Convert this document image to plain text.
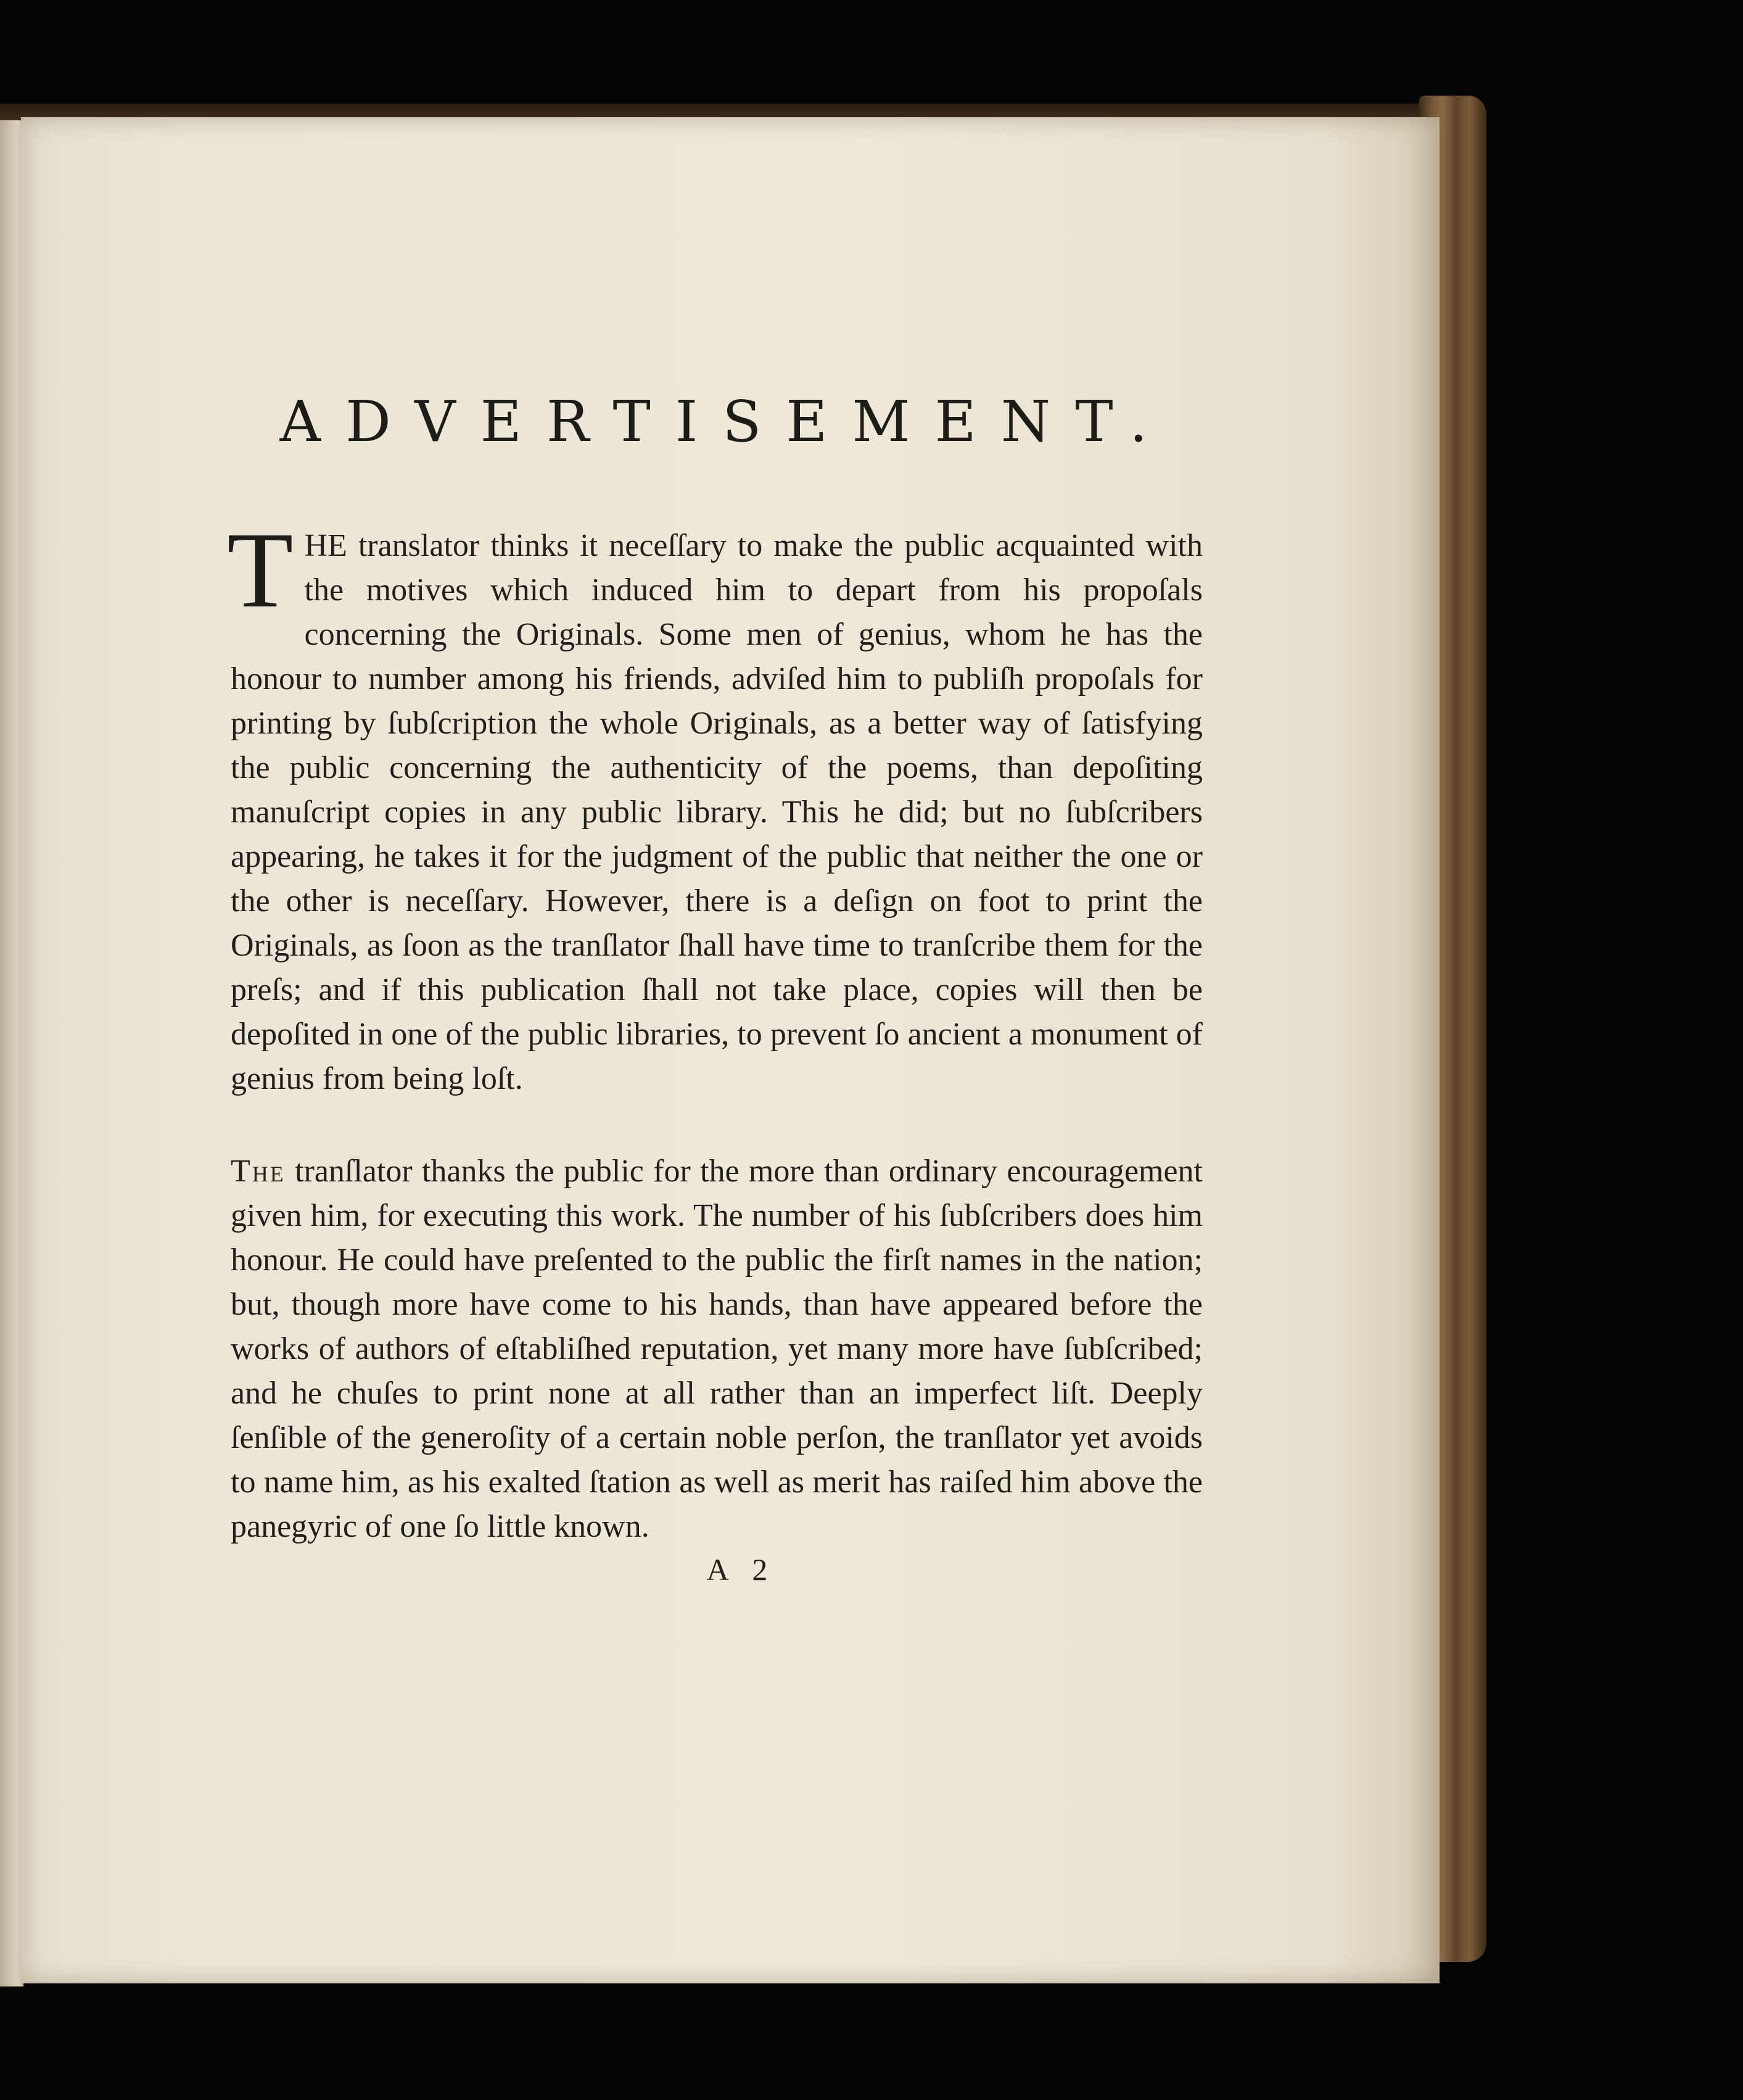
ADVERTISEMENT.

THE translator thinks it neceſſary to make the public acquainted with the motives which induced him to depart from his propoſals concerning the Originals. Some men of genius, whom he has the honour to number among his friends, adviſed him to publiſh propoſals for printing by ſubſcription the whole Originals, as a better way of ſatisfying the public concerning the authenticity of the poems, than depoſiting manuſcript copies in any public library. This he did; but no ſubſcribers appearing, he takes it for the judgment of the public that neither the one or the other is neceſſary. However, there is a deſign on foot to print the Originals, as ſoon as the tranſlator ſhall have time to tranſcribe them for the preſs; and if this publication ſhall not take place, copies will then be depoſited in one of the public libraries, to prevent ſo ancient a monument of genius from being loſt.

The tranſlator thanks the public for the more than ordinary encouragement given him, for executing this work. The number of his ſubſcribers does him honour. He could have preſented to the public the firſt names in the nation; but, though more have come to his hands, than have appeared before the works of authors of eſtabliſhed reputation, yet many more have ſubſcribed; and he chuſes to print none at all rather than an imperfect liſt. Deeply ſenſible of the generoſity of a certain noble perſon, the tranſlator yet avoids to name him, as his exalted ſtation as well as merit has raiſed him above the panegyric of one ſo little known.

A 2
